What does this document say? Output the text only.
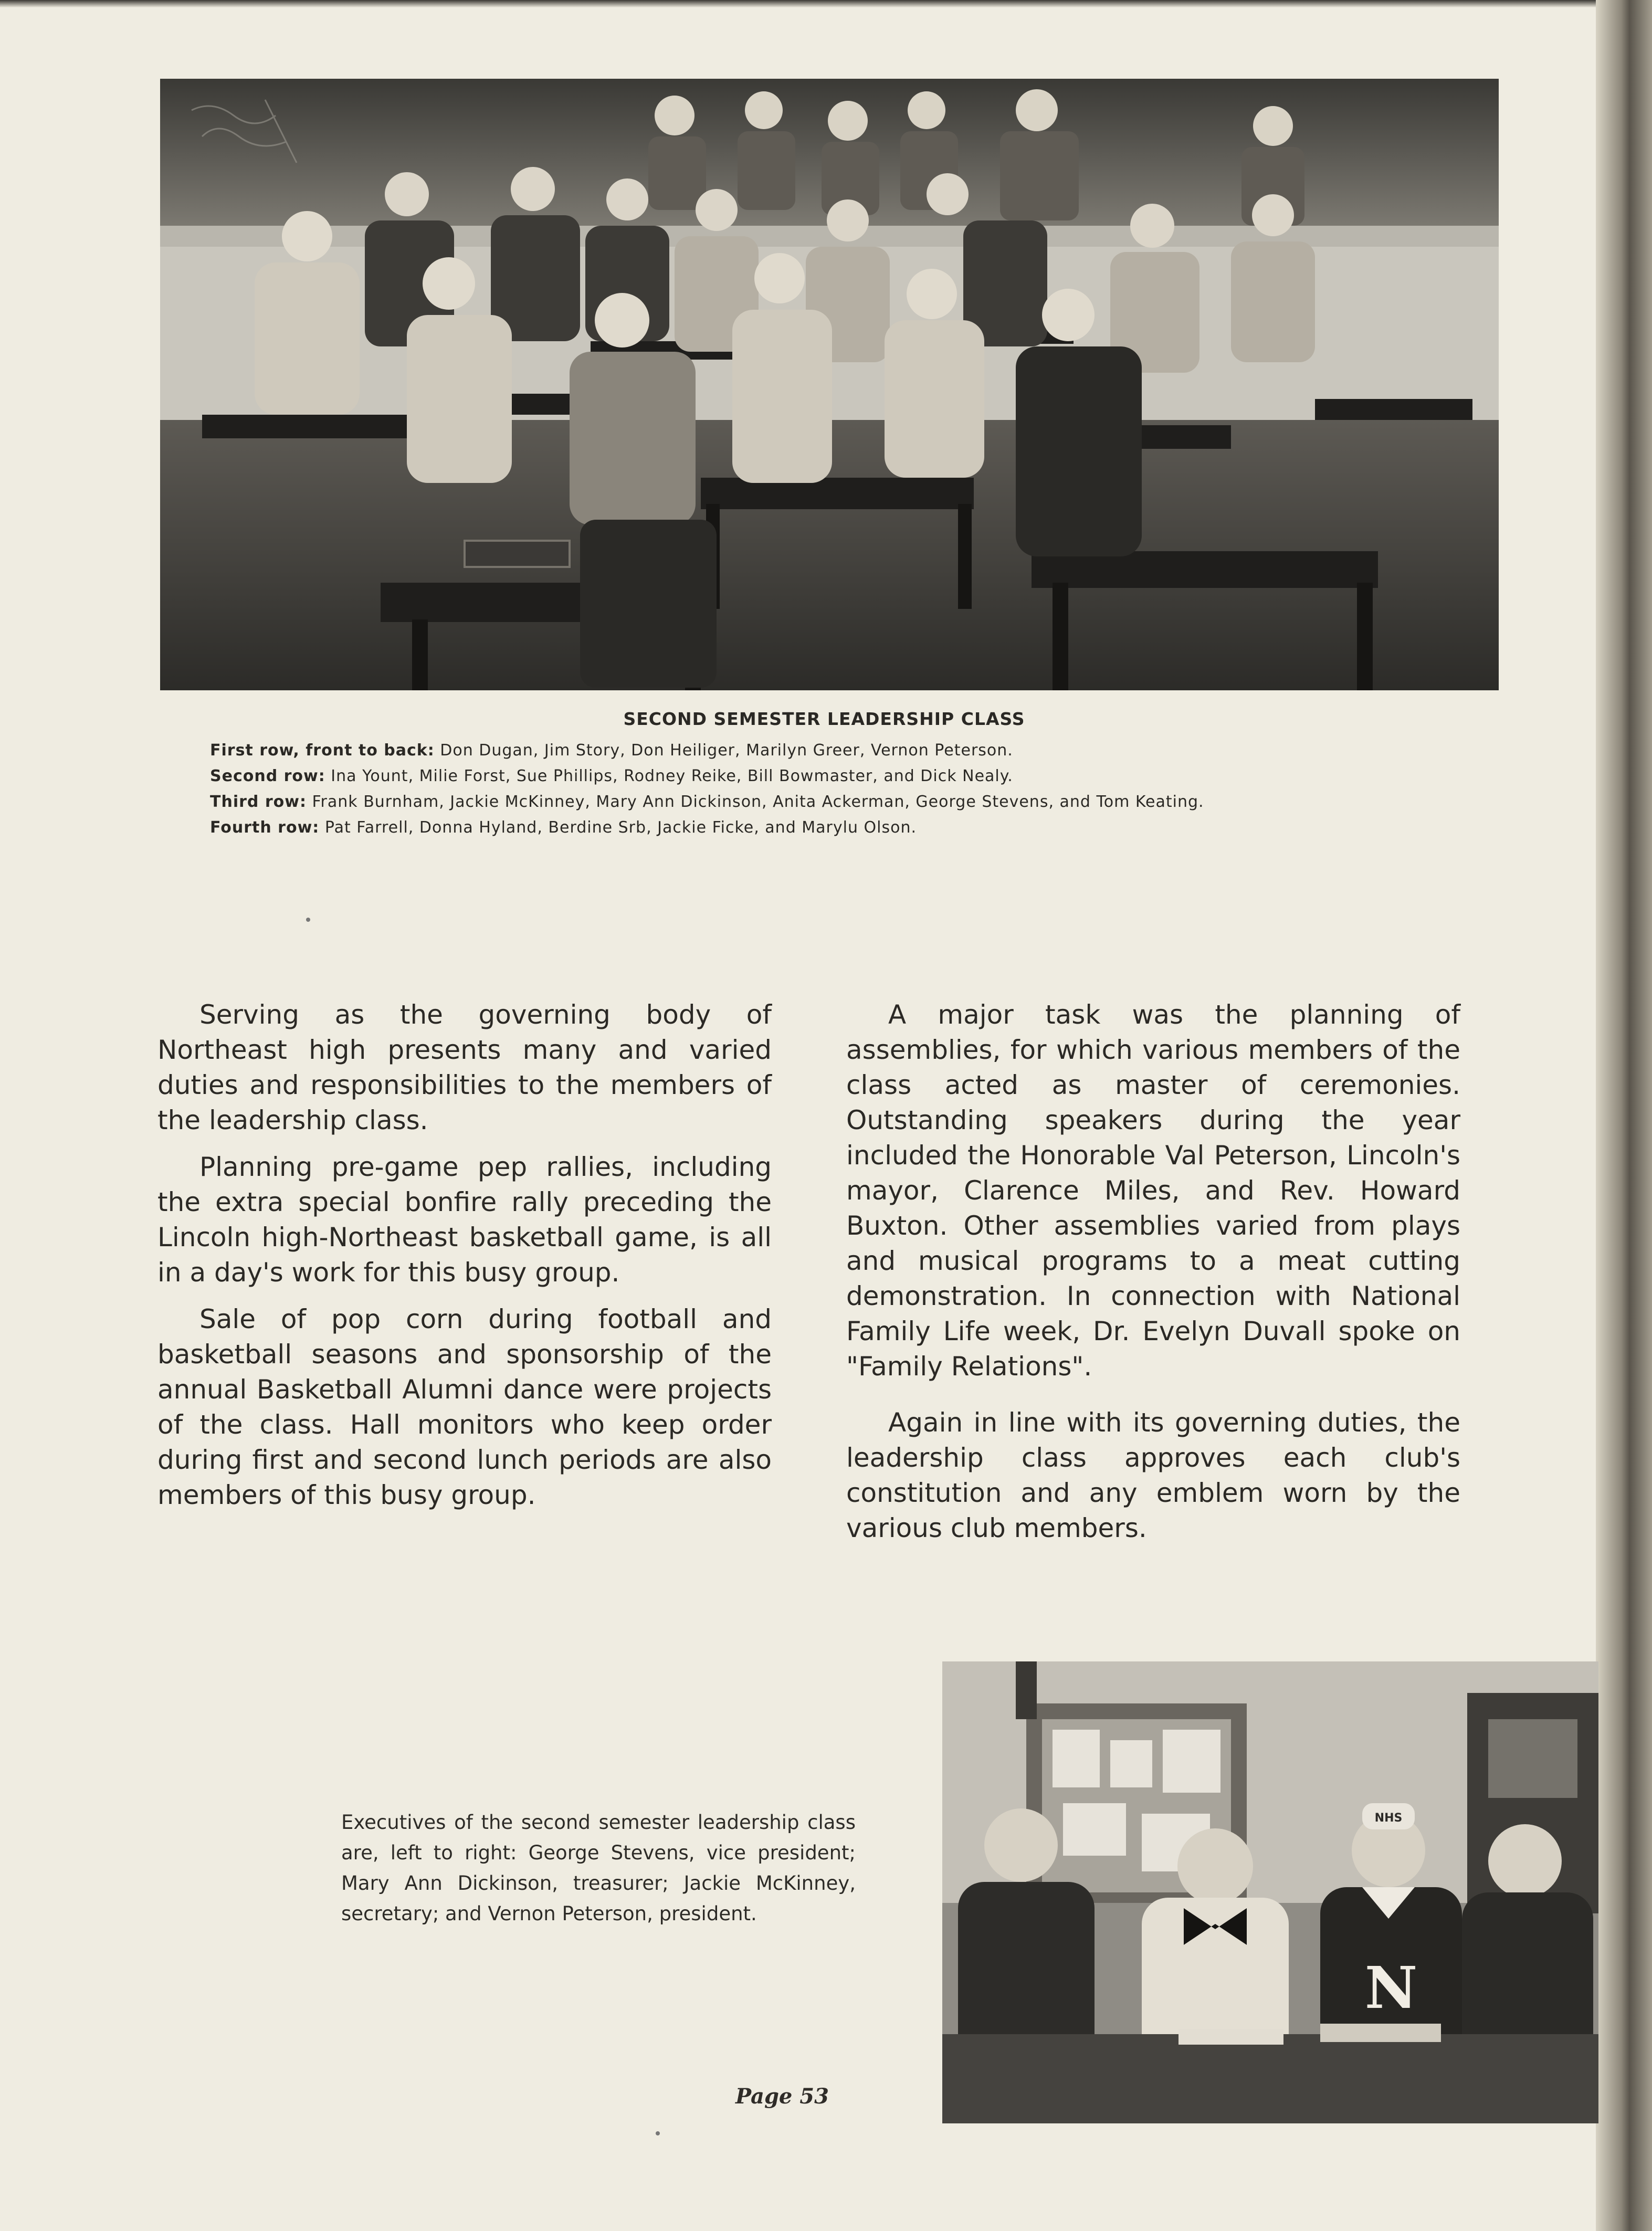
SECOND SEMESTER LEADERSHIP CLASS
First row, front to back: Don Dugan, Jim Story, Don Heiliger, Marilyn Greer, Vernon Peterson.
Second row: Ina Yount, Milie Forst, Sue Phillips, Rodney Reike, Bill Bowmaster, and Dick Nealy.
Third row: Frank Burnham, Jackie McKinney, Mary Ann Dickinson, Anita Ackerman, George Stevens, and Tom Keating.
Fourth row: Pat Farrell, Donna Hyland, Berdine Srb, Jackie Ficke, and Marylu Olson.

Serving as the governing body of Northeast high presents many and varied duties and responsibilities to the members of the leadership class.

Planning pre-game pep rallies, including the extra special bonfire rally preceding the Lincoln high-Northeast basketball game, is all in a day's work for this busy group.

Sale of pop corn during football and basketball seasons and sponsorship of the annual Basketball Alumni dance were projects of the class. Hall monitors who keep order during first and second lunch periods are also members of this busy group.

A major task was the planning of assemblies, for which various members of the class acted as master of ceremonies. Outstanding speakers during the year included the Honorable Val Peterson, Lincoln's mayor, Clarence Miles, and Rev. Howard Buxton. Other assemblies varied from plays and musical programs to a meat cutting demonstration. In connection with National Family Life week, Dr. Evelyn Duvall spoke on "Family Relations".

Again in line with its governing duties, the leadership class approves each club's constitution and any emblem worn by the various club members.

Executives of the second semester leadership class are, left to right: George Stevens, vice president; Mary Ann Dickinson, treasurer; Jackie McKinney, secretary; and Vernon Peterson, president.
NHS
N
Page 53
